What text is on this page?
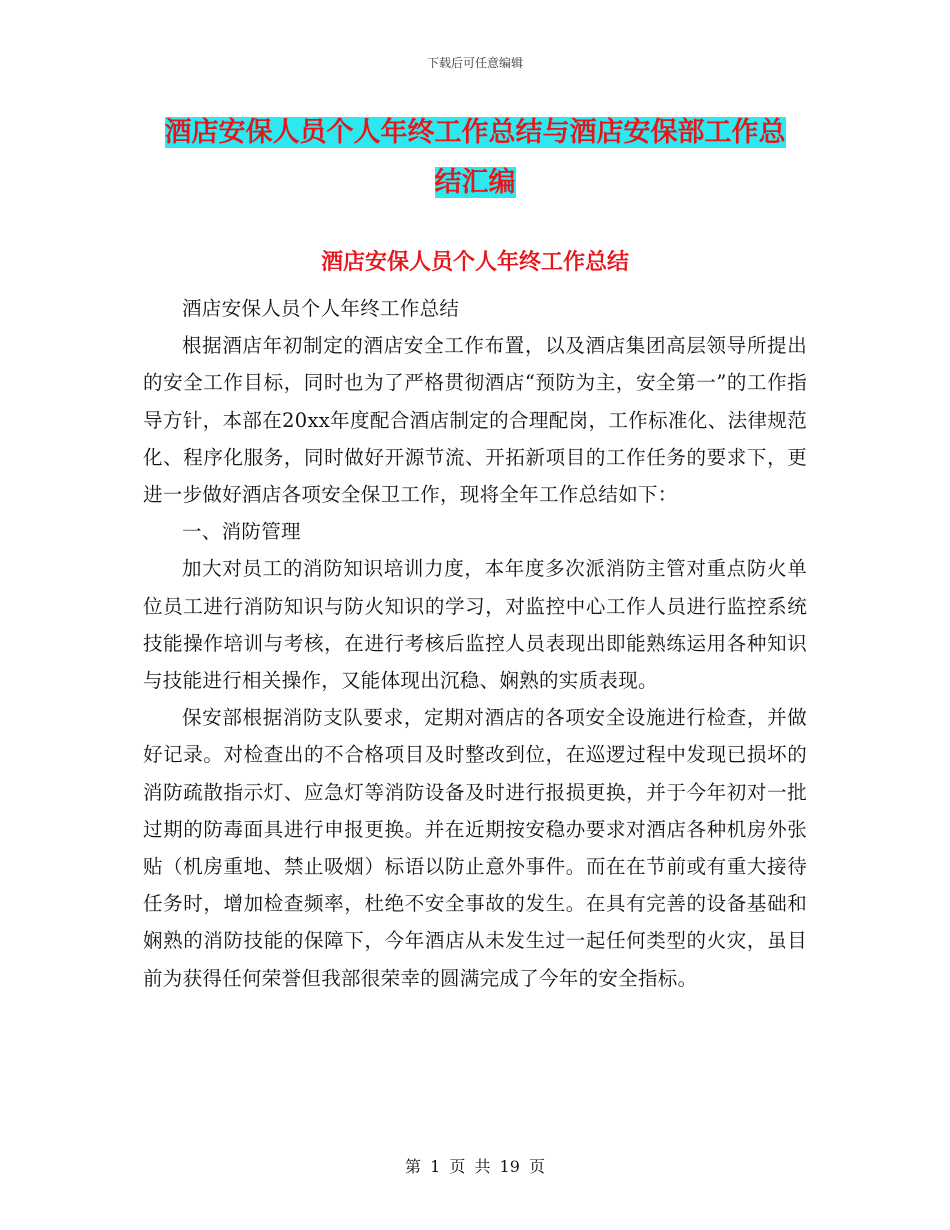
下载后可任意编辑
酒店安保人员个人年终工作总结与酒店安保部工作总
结汇编
酒店安保人员个人年终工作总结

酒店安保人员个人年终工作总结

根据酒店年初制定的酒店安全工作布置，以及酒店集团高层领导所提出的安全工作目标，同时也为了严格贯彻酒店“预防为主，安全第一”的工作指导方针，本部在20xx年度配合酒店制定的合理配岗，工作标准化、法律规范化、程序化服务，同时做好开源节流、开拓新项目的工作任务的要求下，更进一步做好酒店各项安全保卫工作，现将全年工作总结如下：

一、消防管理

加大对员工的消防知识培训力度，本年度多次派消防主管对重点防火单位员工进行消防知识与防火知识的学习，对监控中心工作人员进行监控系统技能操作培训与考核，在进行考核后监控人员表现出即能熟练运用各种知识与技能进行相关操作，又能体现出沉稳、娴熟的实质表现。

保安部根据消防支队要求，定期对酒店的各项安全设施进行检查，并做好记录。对检查出的不合格项目及时整改到位，在巡逻过程中发现已损坏的消防疏散指示灯、应急灯等消防设备及时进行报损更换，并于今年初对一批过期的防毒面具进行申报更换。并在近期按安稳办要求对酒店各种机房外张贴（机房重地、禁止吸烟）标语以防止意外事件。而在在节前或有重大接待任务时，增加检查频率，杜绝不安全事故的发生。在具有完善的设备基础和娴熟的消防技能的保障下，今年酒店从未发生过一起任何类型的火灾，虽目前为获得任何荣誉但我部很荣幸的圆满完成了今年的安全指标。

第 1 页 共 19 页
